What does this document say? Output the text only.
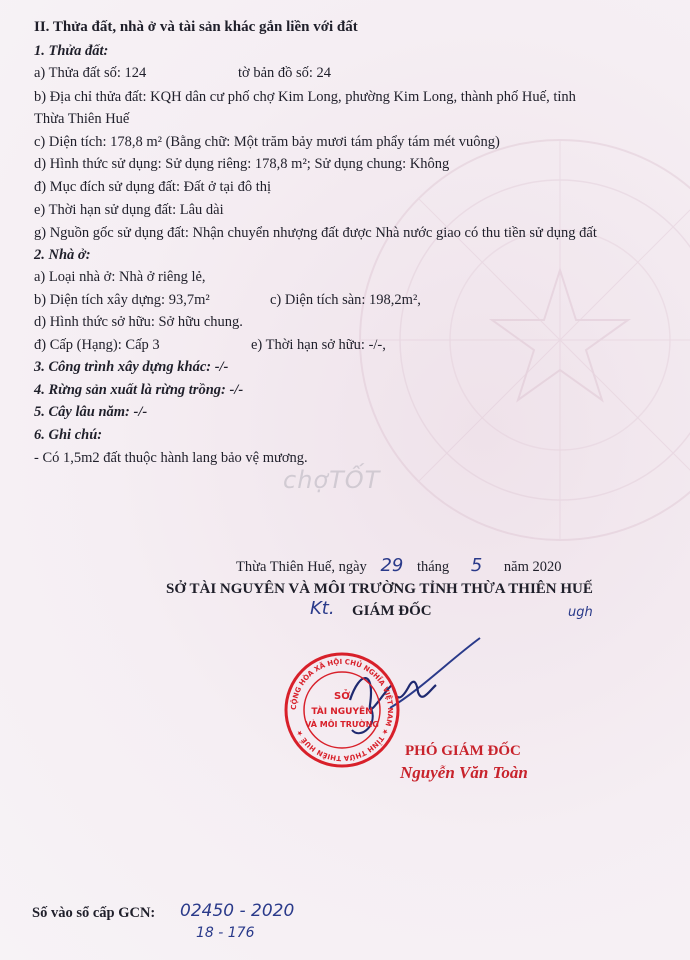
II. Thửa đất, nhà ở và tài sản khác gắn liền với đất
1. Thửa đất:
a) Thửa đất số: 124	tờ bản đồ số: 24
b) Địa chỉ thửa đất: KQH dân cư phố chợ Kim Long, phường Kim Long, thành phố Huế, tỉnh
Thừa Thiên Huế
c) Diện tích: 178,8 m² (Bằng chữ: Một trăm bảy mươi tám phẩy tám mét vuông)
d) Hình thức sử dụng: Sử dụng riêng: 178,8 m²; Sử dụng chung: Không
đ) Mục đích sử dụng đất: Đất ở tại đô thị
e) Thời hạn sử dụng đất: Lâu dài
g) Nguồn gốc sử dụng đất: Nhận chuyển nhượng đất được Nhà nước giao có thu tiền sử dụng đất
2. Nhà ở:
a) Loại nhà ở: Nhà ở riêng lẻ,
b) Diện tích xây dựng: 93,7m²	c) Diện tích sàn: 198,2m²,
d) Hình thức sở hữu: Sở hữu chung.
đ) Cấp (Hạng): Cấp 3	e) Thời hạn sở hữu: -/-,
3. Công trình xây dựng khác: -/-
4. Rừng sản xuất là rừng trồng: -/-
5. Cây lâu năm: -/-
6. Ghi chú:
- Có 1,5m2 đất thuộc hành lang bảo vệ mương.
chợTỐT
Thừa Thiên Huế, ngày 29 tháng 5 năm 2020
SỞ TÀI NGUYÊN VÀ MÔI TRƯỜNG TỈNH THỪA THIÊN HUẾ
Kt. GIÁM ĐỐC	ugh
CỘNG HÒA XÃ HỘI CHỦ NGHĨA VIỆT NAM ★ TỈNH THỪA THIÊN HUẾ ★
SỞ
TÀI NGUYÊN
VÀ MÔI TRƯỜNG
PHÓ GIÁM ĐỐC
Nguyễn Văn Toàn
Số vào sổ cấp GCN: 02450 - 2020
18 - 176
